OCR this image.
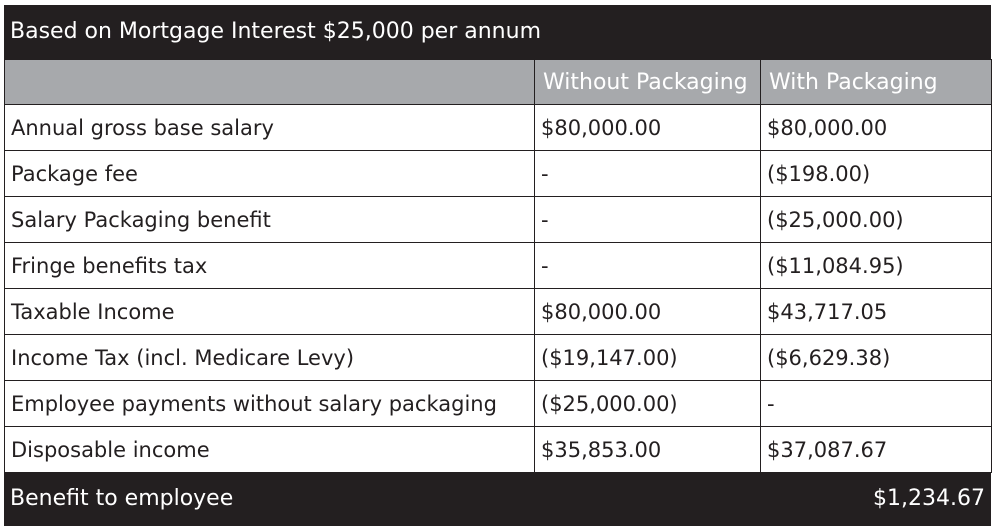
Based on Mortgage Interest $25,000 per annum
	Without Packaging	With Packaging
Annual gross base salary	$80,000.00	$80,000.00
Package fee	-	($198.00)
Salary Packaging benefit	-	($25,000.00)
Fringe benefits tax	-	($11,084.95)
Taxable Income	$80,000.00	$43,717.05
Income Tax (incl. Medicare Levy)	($19,147.00)	($6,629.38)
Employee payments without salary packaging	($25,000.00)	-
Disposable income	$35,853.00	$37,087.67
Benefit to employee	$1,234.67
